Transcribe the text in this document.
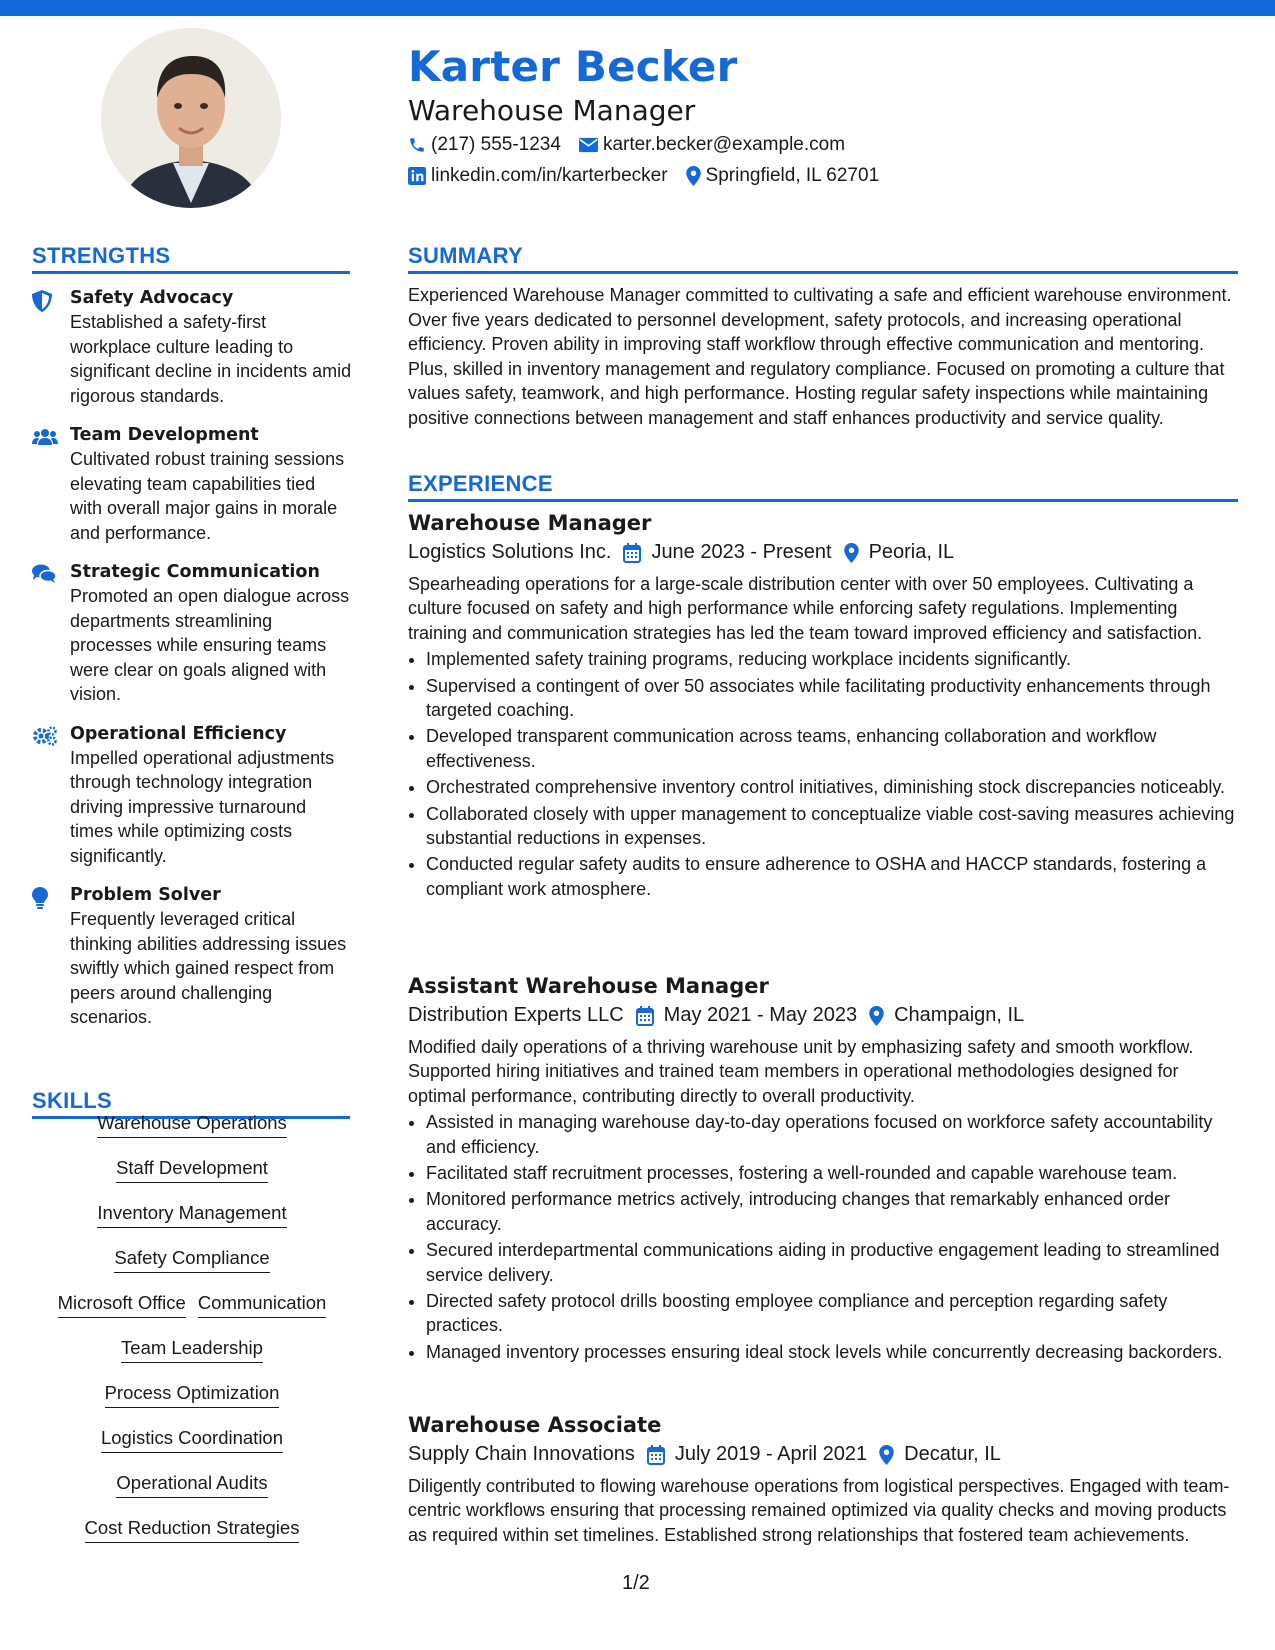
Karter Becker
Warehouse Manager
(217) 555-1234 karter.becker@example.com
linkedin.com/in/karterbecker Springfield, IL 62701
STRENGTHS
Safety Advocacy
Established a safety-first workplace culture leading to significant decline in incidents amid rigorous standards.
Team Development
Cultivated robust training sessions elevating team capabilities tied with overall major gains in morale and performance.
Strategic Communication
Promoted an open dialogue across departments streamlining processes while ensuring teams were clear on goals aligned with vision.
Operational Efficiency
Impelled operational adjustments through technology integration driving impressive turnaround times while optimizing costs significantly.
Problem Solver
Frequently leveraged critical thinking abilities addressing issues swiftly which gained respect from peers around challenging scenarios.
SKILLS
Warehouse Operations
Staff Development
Inventory Management
Safety Compliance
Microsoft Office Communication
Team Leadership
Process Optimization
Logistics Coordination
Operational Audits
Cost Reduction Strategies
SUMMARY
Experienced Warehouse Manager committed to cultivating a safe and efficient warehouse environment. Over five years dedicated to personnel development, safety protocols, and increasing operational efficiency. Proven ability in improving staff workflow through effective communication and mentoring. Plus, skilled in inventory management and regulatory compliance. Focused on promoting a culture that values safety, teamwork, and high performance. Hosting regular safety inspections while maintaining positive connections between management and staff enhances productivity and service quality.
EXPERIENCE
Warehouse Manager
Logistics Solutions Inc. June 2023 - Present Peoria, IL
Spearheading operations for a large-scale distribution center with over 50 employees. Cultivating a culture focused on safety and high performance while enforcing safety regulations. Implementing training and communication strategies has led the team toward improved efficiency and satisfaction.
• Implemented safety training programs, reducing workplace incidents significantly.
• Supervised a contingent of over 50 associates while facilitating productivity enhancements through targeted coaching.
• Developed transparent communication across teams, enhancing collaboration and workflow effectiveness.
• Orchestrated comprehensive inventory control initiatives, diminishing stock discrepancies noticeably.
• Collaborated closely with upper management to conceptualize viable cost-saving measures achieving substantial reductions in expenses.
• Conducted regular safety audits to ensure adherence to OSHA and HACCP standards, fostering a compliant work atmosphere.
Assistant Warehouse Manager
Distribution Experts LLC May 2021 - May 2023 Champaign, IL
Modified daily operations of a thriving warehouse unit by emphasizing safety and smooth workflow. Supported hiring initiatives and trained team members in operational methodologies designed for optimal performance, contributing directly to overall productivity.
• Assisted in managing warehouse day-to-day operations focused on workforce safety accountability and efficiency.
• Facilitated staff recruitment processes, fostering a well-rounded and capable warehouse team.
• Monitored performance metrics actively, introducing changes that remarkably enhanced order accuracy.
• Secured interdepartmental communications aiding in productive engagement leading to streamlined service delivery.
• Directed safety protocol drills boosting employee compliance and perception regarding safety practices.
• Managed inventory processes ensuring ideal stock levels while concurrently decreasing backorders.
Warehouse Associate
Supply Chain Innovations July 2019 - April 2021 Decatur, IL
Diligently contributed to flowing warehouse operations from logistical perspectives. Engaged with team-centric workflows ensuring that processing remained optimized via quality checks and moving products as required within set timelines. Established strong relationships that fostered team achievements.
1/2
